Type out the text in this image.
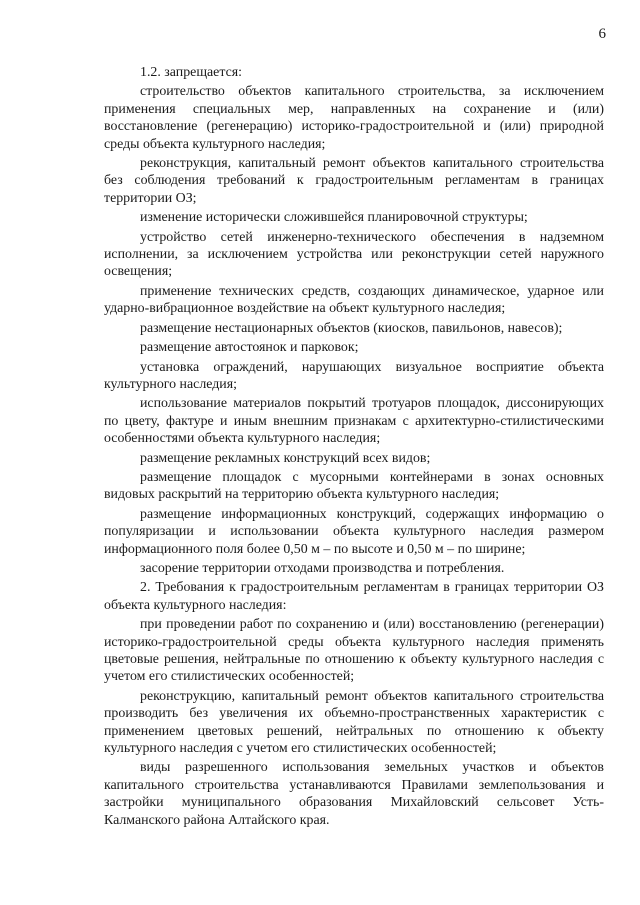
6

1.2. запрещается:

строительство объектов капитального строительства, за исключением применения специальных мер, направленных на сохранение и (или) восстановление (регенерацию) историко-градостроительной и (или) природной среды объекта культурного наследия;

реконструкция, капитальный ремонт объектов капитального строительства без соблюдения требований к градостроительным регламентам в границах территории ОЗ;

изменение исторически сложившейся планировочной структуры;

устройство сетей инженерно-технического обеспечения в надземном исполнении, за исключением устройства или реконструкции сетей наружного освещения;

применение технических средств, создающих динамическое, ударное или ударно-вибрационное воздействие на объект культурного наследия;

размещение нестационарных объектов (киосков, павильонов, навесов);

размещение автостоянок и парковок;

установка ограждений, нарушающих визуальное восприятие объекта культурного наследия;

использование материалов покрытий тротуаров площадок, диссонирующих по цвету, фактуре и иным внешним признакам с архитектурно-стилистическими особенностями объекта культурного наследия;

размещение рекламных конструкций всех видов;

размещение площадок с мусорными контейнерами в зонах основных видовых раскрытий на территорию объекта культурного наследия;

размещение информационных конструкций, содержащих информацию о популяризации и использовании объекта культурного наследия размером информационного поля более 0,50 м – по высоте и 0,50 м – по ширине;

засорение территории отходами производства и потребления.

2. Требования к градостроительным регламентам в границах территории ОЗ объекта культурного наследия:

при проведении работ по сохранению и (или) восстановлению (регенерации) историко-градостроительной среды объекта культурного наследия применять цветовые решения, нейтральные по отношению к объекту культурного наследия с учетом его стилистических особенностей;

реконструкцию, капитальный ремонт объектов капитального строительства производить без увеличения их объемно-пространственных характеристик с применением цветовых решений, нейтральных по отношению к объекту культурного наследия с учетом его стилистических особенностей;

виды разрешенного использования земельных участков и объектов капитального строительства устанавливаются Правилами землепользования и застройки муниципального образования Михайловский сельсовет Усть-Калманского района Алтайского края.
